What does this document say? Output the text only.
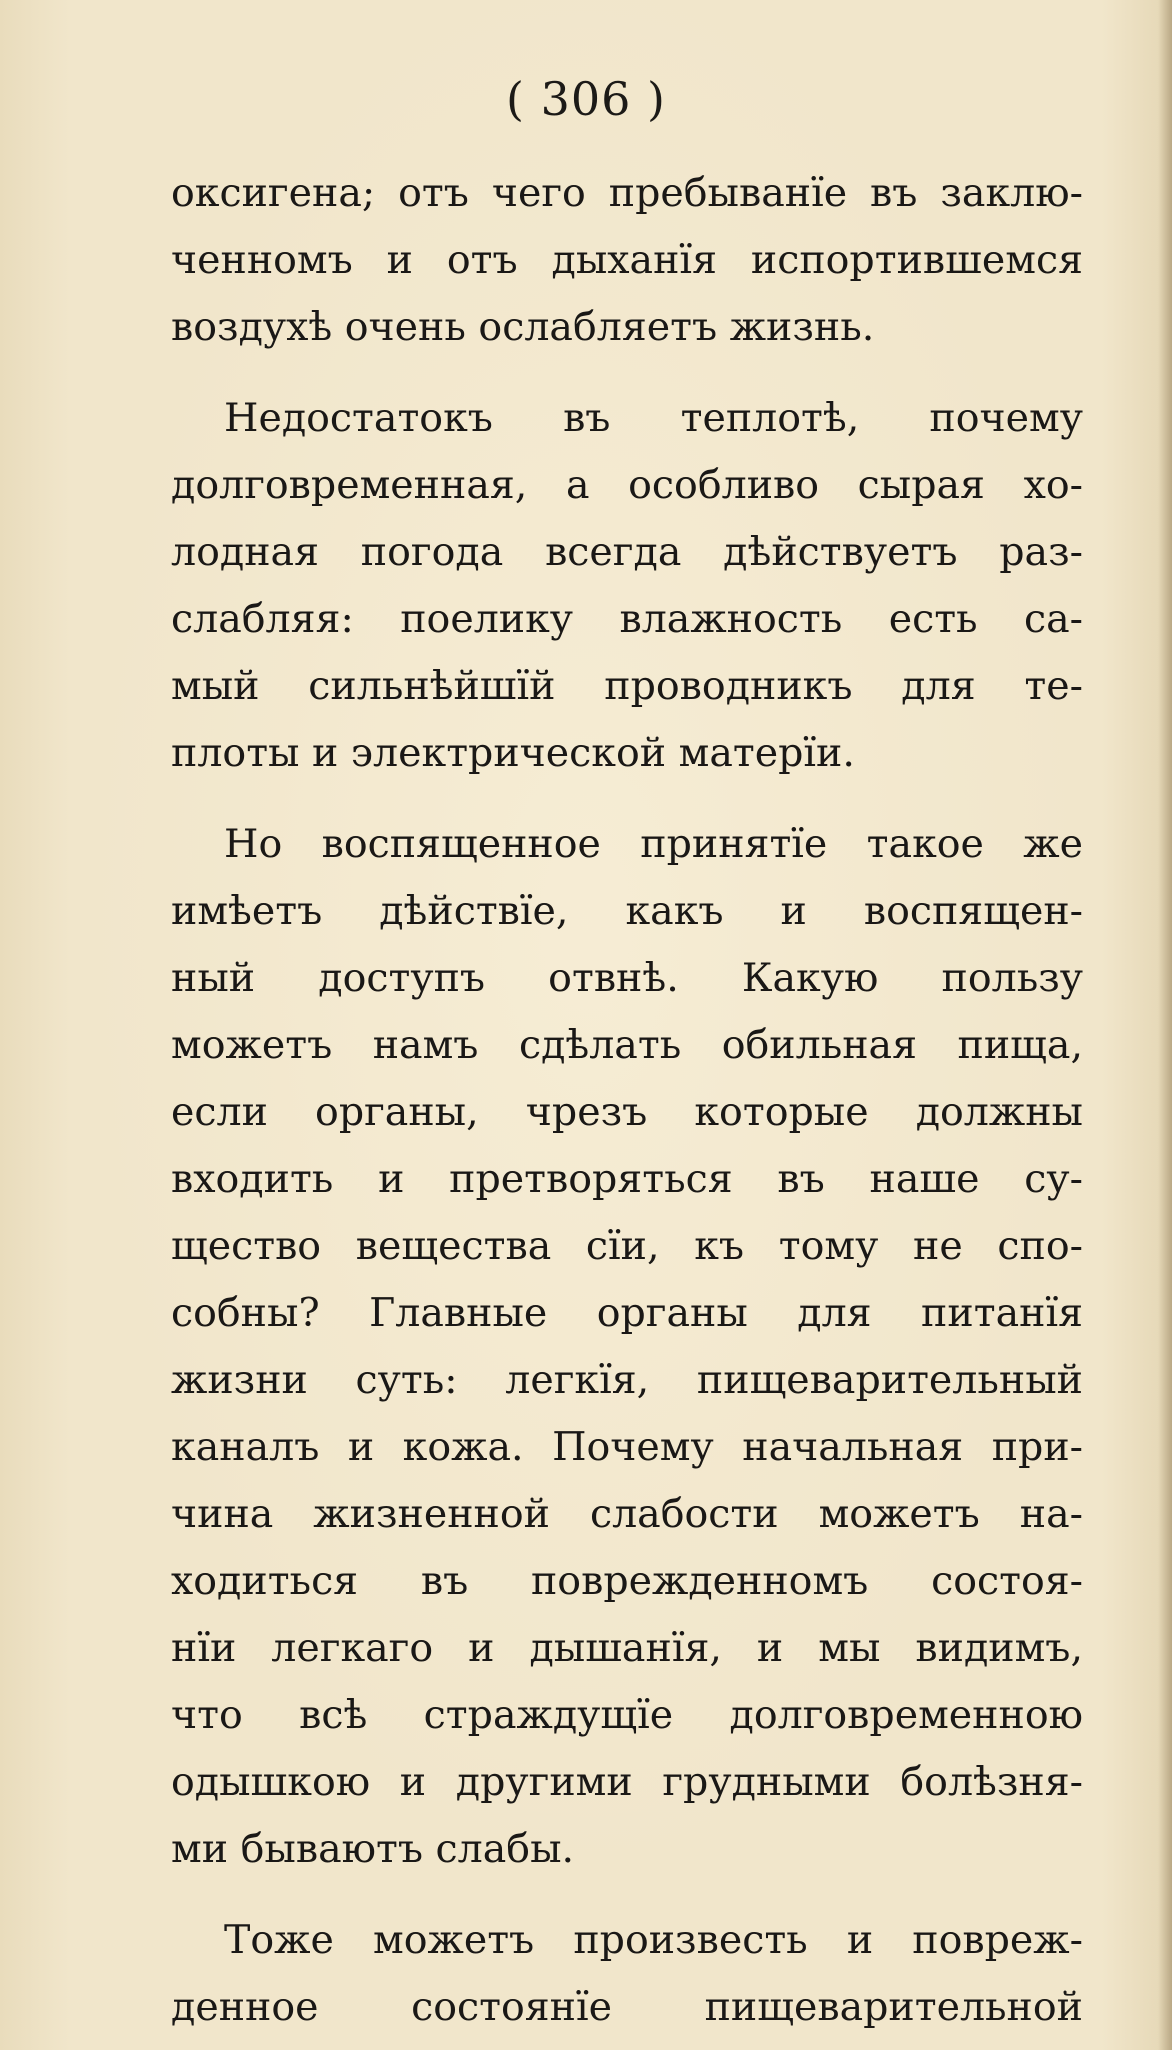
( 306 )
оксигена; отъ чего пребыванїе въ заклю-
ченномъ и отъ дыханїя испортившемся
воздухѣ очень ослабляетъ жизнь.
Недостатокъ въ теплотѣ, почему
долговременная, а особливо сырая хо-
лодная погода всегда дѣйствуетъ раз-
слабляя: поелику влажность есть са-
мый сильнѣйшїй проводникъ для те-
плоты и электрической матерїи.
Но воспященное принятїе такое же
имѣетъ дѣйствїе, какъ и воспящен-
ный доступъ отвнѣ. Какую пользу
можетъ намъ сдѣлать обильная пища,
если органы, чрезъ которые должны
входить и претворяться въ наше су-
щество вещества сїи, къ тому не спо-
собны? Главные органы для питанїя
жизни суть: легкїя, пищеварительный
каналъ и кожа. Почему начальная при-
чина жизненной слабости можетъ на-
ходиться въ поврежденномъ состоя-
нїи легкаго и дышанїя, и мы видимъ,
что всѣ страждущїе долговременною
одышкою и другими грудными болѣзня-
ми бываютъ слабы.
Тоже можетъ произвесть и повреж-
денное состоянїе пищеварительной
